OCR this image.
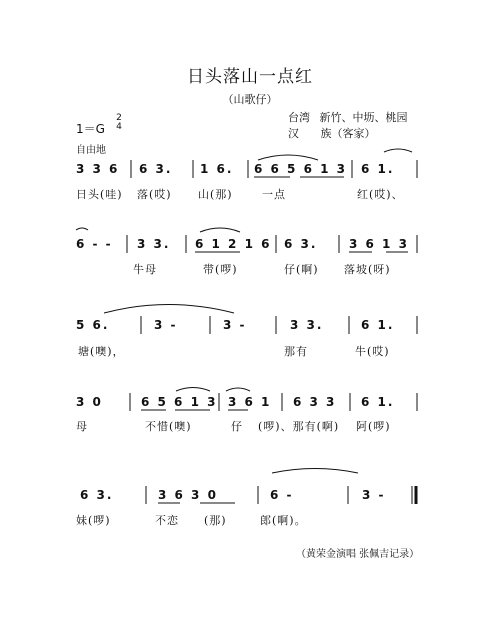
日头落山一点红
（山歌仔）
1＝G
2
4
台湾 新竹、中坜、桃园
汉 族（客家）
自由地
3 3 6 6 3. 1 6. 6 6 5 6 1 3 6 1.
日头(哇) 落(哎) 山(那)	一点	红(哎)、
6 - - 3 3. 6 1 2 1 6 6 3.	3 6 1 3
牛母	带(啰)	仔(啊) 落坡(呀)
5 6.	3 -	3 -	3 3.	6 1.
塘(噢)，	那有	牛(哎)
3 0	6 5 6 1 3 3 6 1 6 3 3 6 1.
母	不惜(噢)	仔 (啰)、那有(啊) 阿(啰)
6 3.	3 6 3 0	6 -	3 -
妹(啰)	不恋 (那)	郎(啊)。
（黄荣金演唱 张佩吉记录）
